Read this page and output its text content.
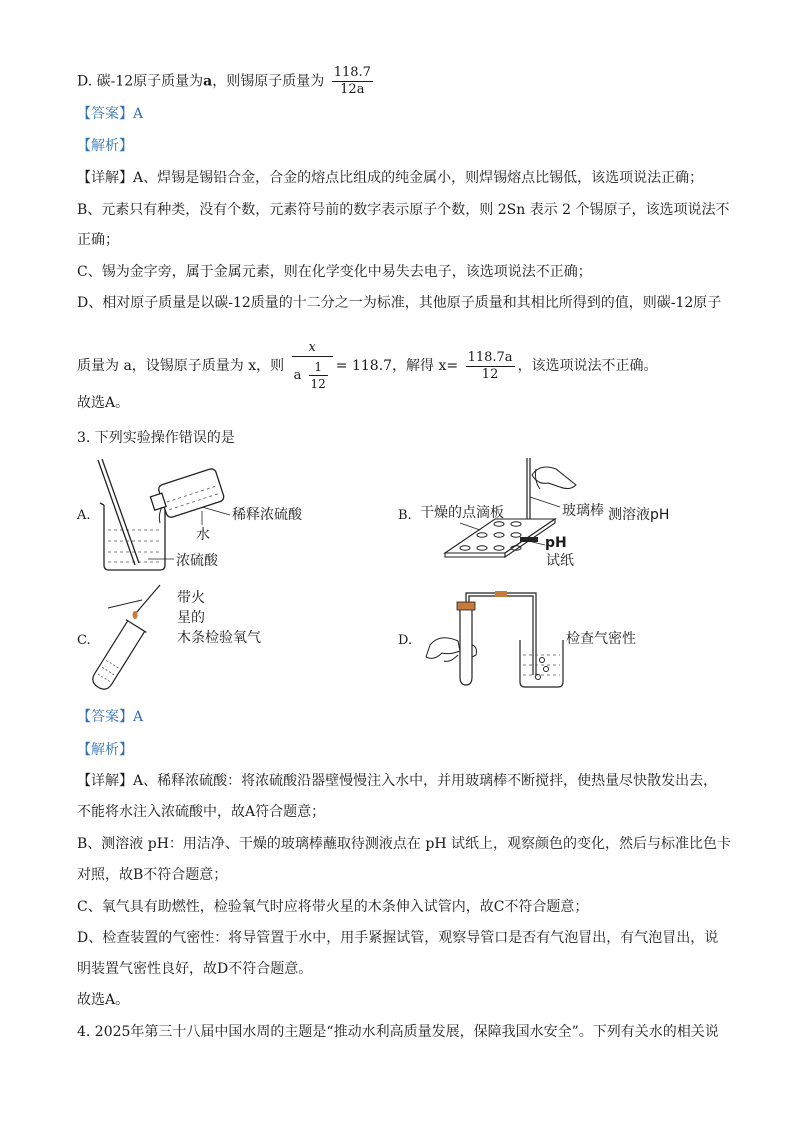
D. 碳-12原子质量为a，则锡原子质量为 $\frac{118.7}{12a}$
【答案】A
【解析】
【详解】A、焊锡是锡铅合金，合金的熔点比组成的纯金属小，则焊锡熔点比锡低，该选项说法正确；
B、元素只有种类，没有个数，元素符号前的数字表示原子个数，则 2Sn 表示 2 个锡原子，该选项说法不
正确；
C、锡为金字旁，属于金属元素，则在化学变化中易失去电子，该选项说法不正确；
D、相对原子质量是以碳-12质量的十二分之一为标准，其他原子质量和其相比所得到的值，则碳-12原子
质量为 a，设锡原子质量为 x，则 $\frac{x}{a \frac{1}{12}} = 118.7$，解得 $x= \frac{118.7a}{12}$ ，该选项说法不正确。
故选A。
3. 下列实验操作错误的是
A.	B.
C.	D.
稀释浓硫酸
水
浓硫酸
干燥的点滴板	玻璃棒 测溶液pH
pH
试纸
带火
星的
木条检验氧气	检查气密性
【答案】A
【解析】
【详解】A、稀释浓硫酸：将浓硫酸沿器壁慢慢注入水中，并用玻璃棒不断搅拌，使热量尽快散发出去，
不能将水注入浓硫酸中，故A符合题意；
B、测溶液 pH：用洁净、干燥的玻璃棒蘸取待测液点在 pH 试纸上，观察颜色的变化，然后与标准比色卡
对照，故B不符合题意；
C、氧气具有助燃性，检验氧气时应将带火星的木条伸入试管内，故C不符合题意；
D、检查装置的气密性：将导管置于水中，用手紧握试管，观察导管口是否有气泡冒出，有气泡冒出，说
明装置气密性良好，故D不符合题意。
故选A。
4. 2025年第三十八届中国水周的主题是“推动水利高质量发展，保障我国水安全”。下列有关水的相关说
